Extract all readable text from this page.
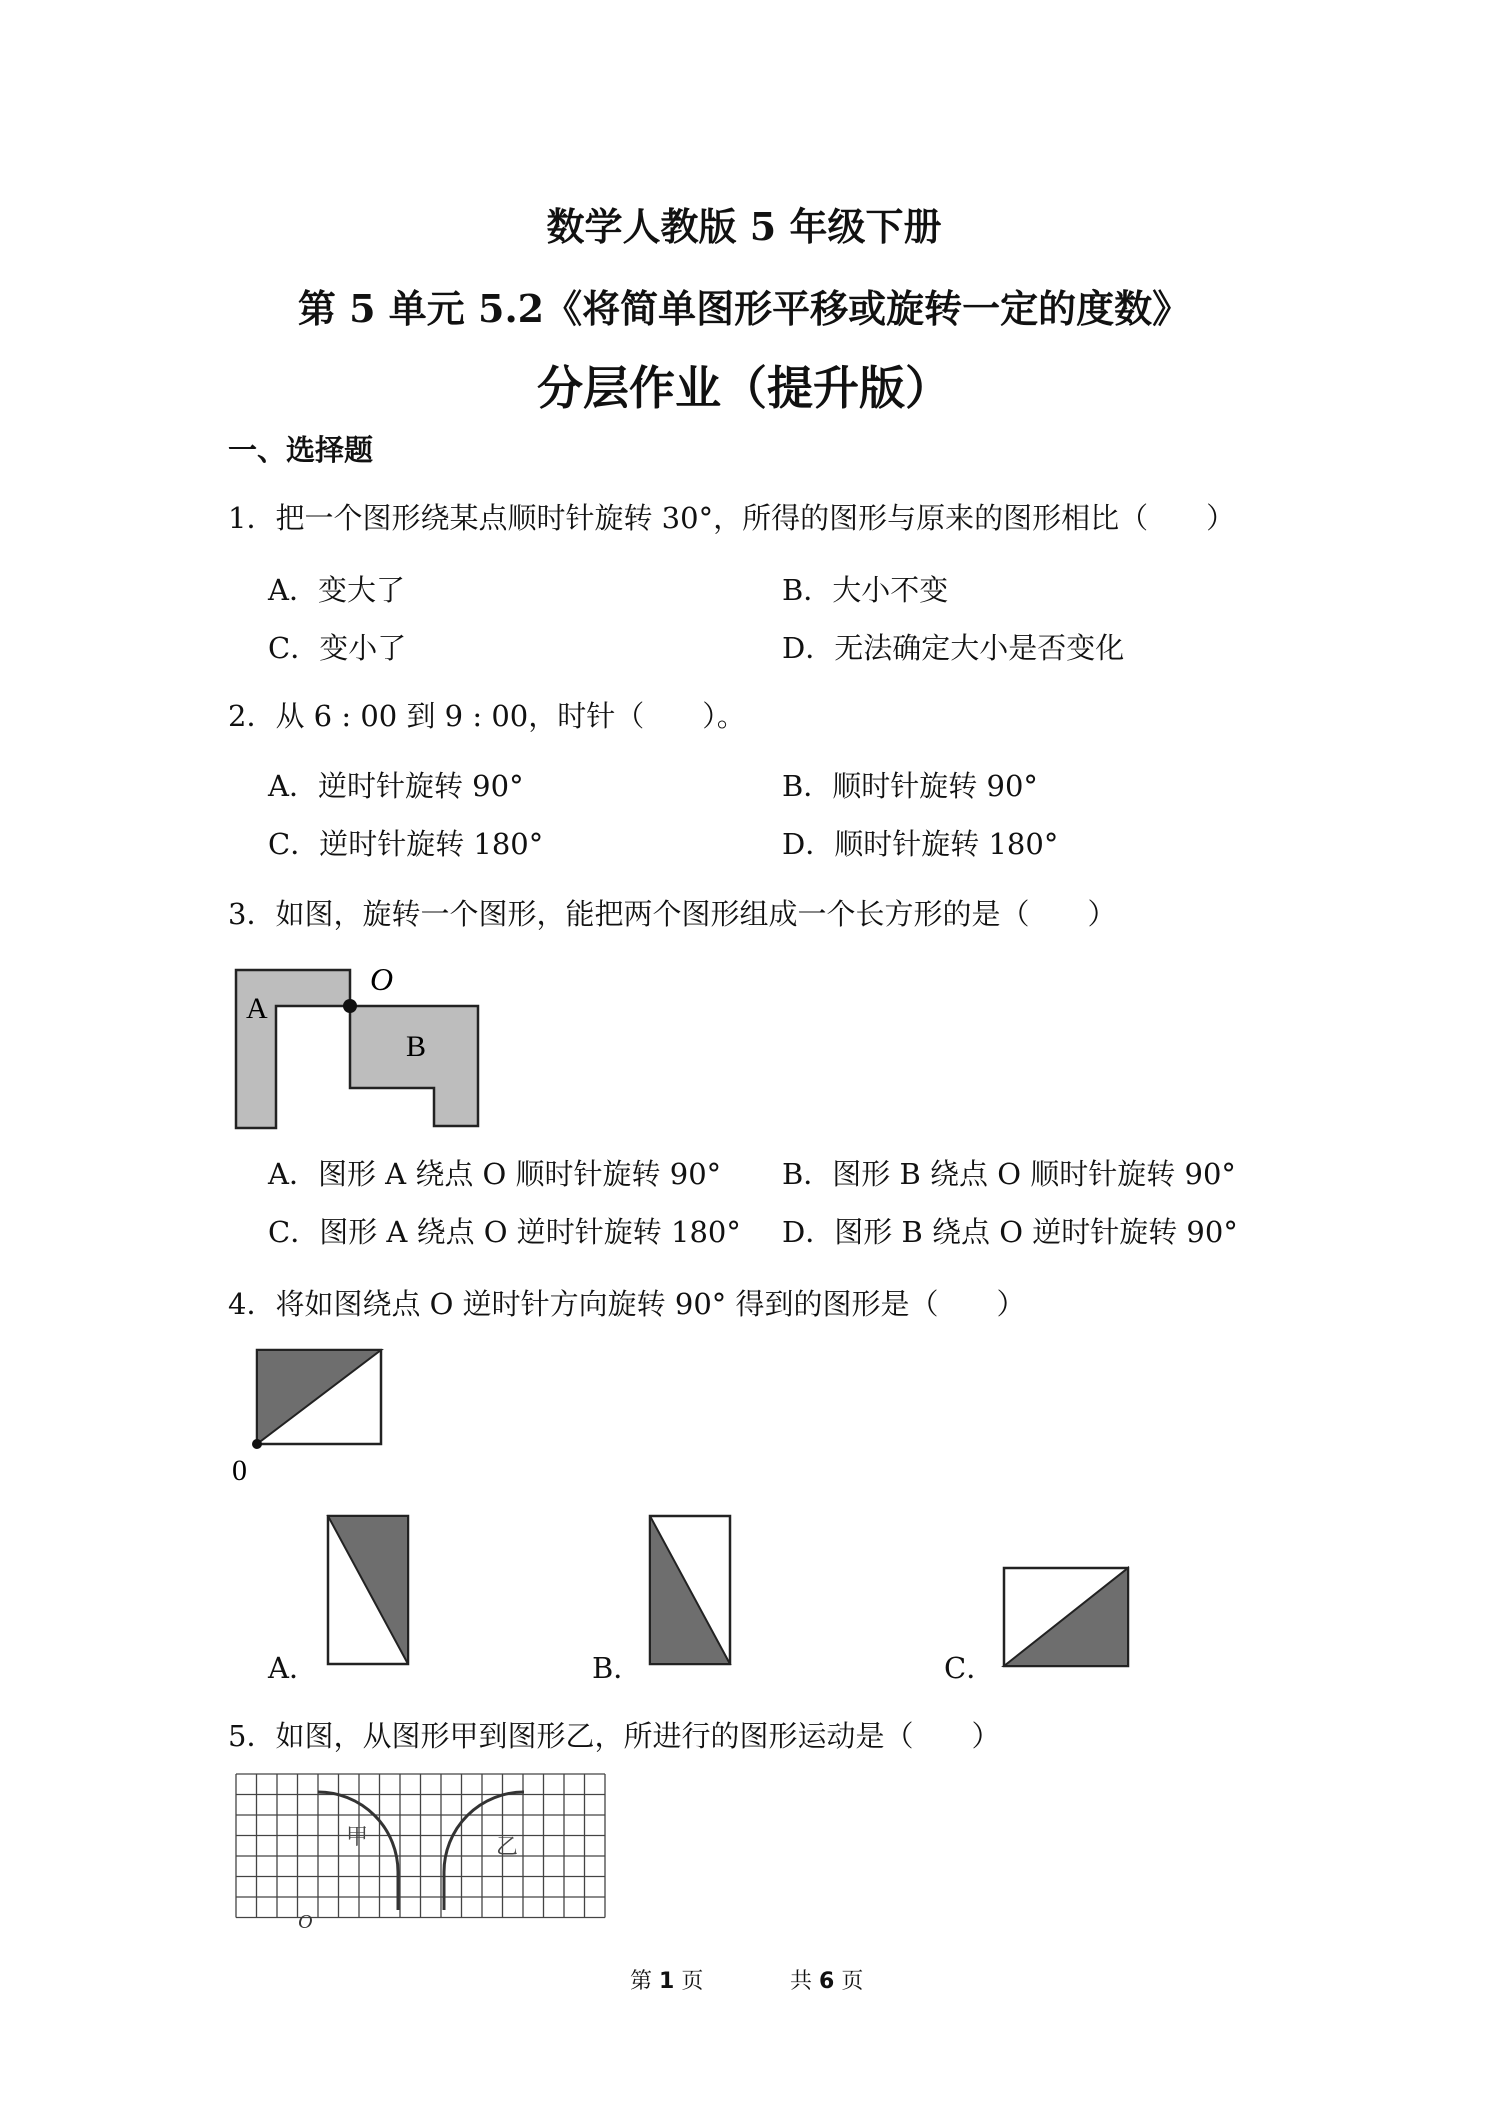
数学人教版 5 年级下册
第 5 单元 5.2《将简单图形平移或旋转一定的度数》
分层作业（提升版）
一、选择题
1．把一个图形绕某点顺时针旋转 30°，所得的图形与原来的图形相比（　　）
A．变大了	B．大小不变
C．变小了	D．无法确定大小是否变化
2．从 6 : 00 到 9 : 00，时针（　　）。
A．逆时针旋转 90°	B．顺时针旋转 90°
C．逆时针旋转 180°	D．顺时针旋转 180°
3．如图，旋转一个图形，能把两个图形组成一个长方形的是（　　）
A
B
O
A．图形 A 绕点 O 顺时针旋转 90° B．图形 B 绕点 O 顺时针旋转 90°
C．图形 A 绕点 O 逆时针旋转 180° D．图形 B 绕点 O 逆时针旋转 90°
4．将如图绕点 O 逆时针方向旋转 90° 得到的图形是（　　）
0
A．	B．	C．
5．如图，从图形甲到图形乙，所进行的图形运动是（　　）
甲	乙
O
第 1 页	共 6 页
